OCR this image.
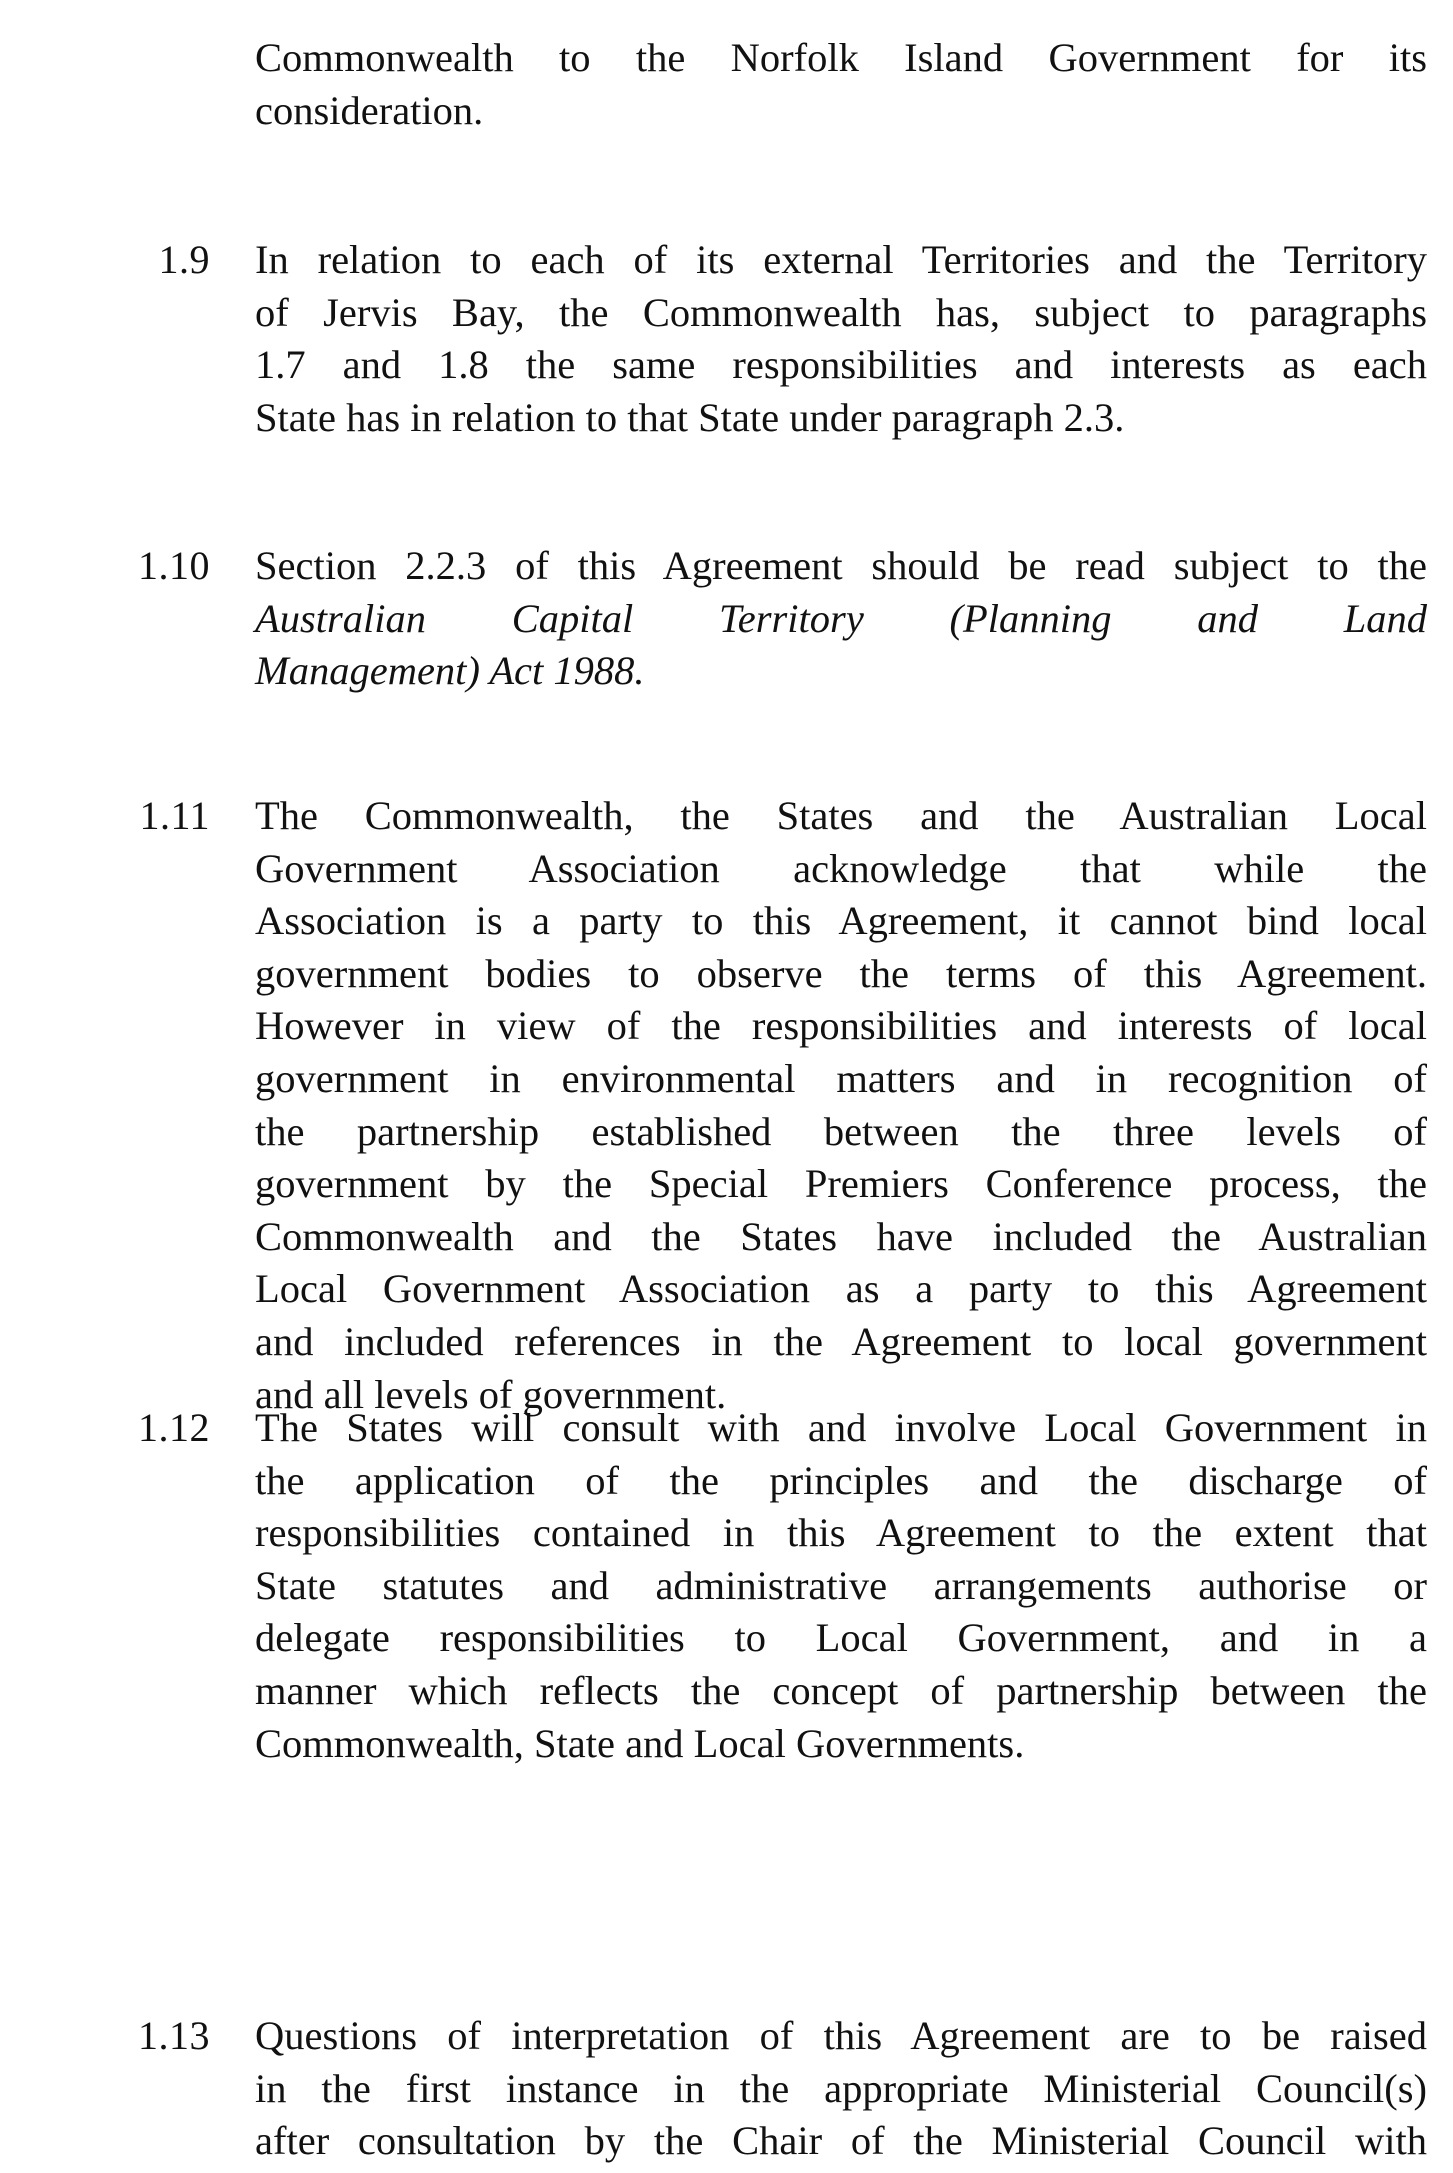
Commonwealth to the Norfolk Island Government for its
consideration.
1.9 In relation to each of its external Territories and the Territory
of Jervis Bay, the Commonwealth has, subject to paragraphs
1.7 and 1.8 the same responsibilities and interests as each
State has in relation to that State under paragraph 2.3.
1.10 Section 2.2.3 of this Agreement should be read subject to the
Australian Capital Territory (Planning and Land
Management) Act 1988.
1.11 The Commonwealth, the States and the Australian Local
Government Association acknowledge that while the
Association is a party to this Agreement, it cannot bind local
government bodies to observe the terms of this Agreement.
However in view of the responsibilities and interests of local
government in environmental matters and in recognition of
the partnership established between the three levels of
government by the Special Premiers Conference process, the
Commonwealth and the States have included the Australian
Local Government Association as a party to this Agreement
and included references in the Agreement to local government
and all levels of government.
1.12 The States will consult with and involve Local Government in
the application of the principles and the discharge of
responsibilities contained in this Agreement to the extent that
State statutes and administrative arrangements authorise or
delegate responsibilities to Local Government, and in a
manner which reflects the concept of partnership between the
Commonwealth, State and Local Governments.
1.13 Questions of interpretation of this Agreement are to be raised
in the first instance in the appropriate Ministerial Council(s)
after consultation by the Chair of the Ministerial Council with
